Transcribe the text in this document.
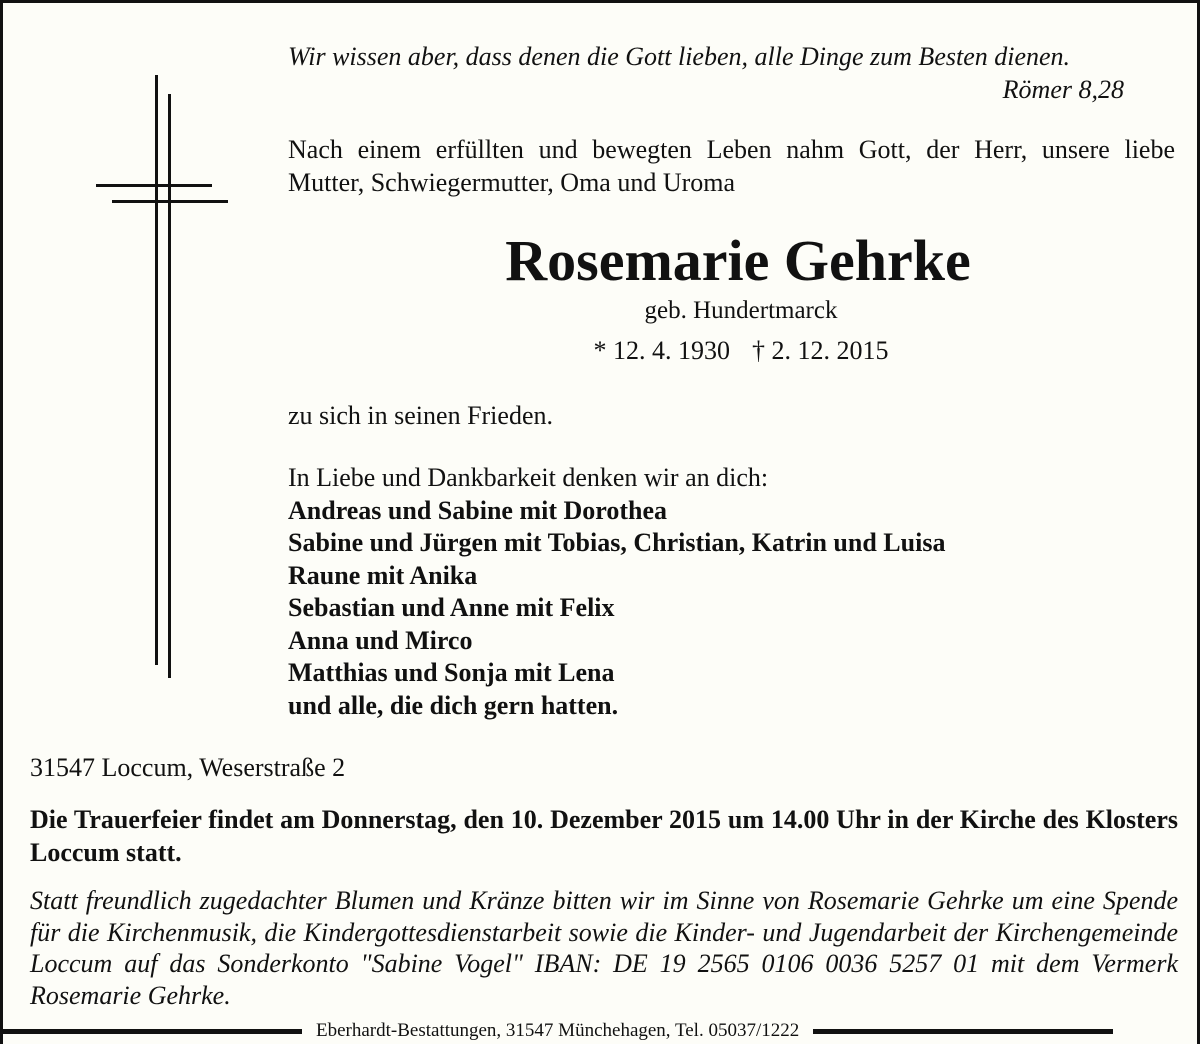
Wir wissen aber, dass denen die Gott lieben, alle Dinge zum Besten dienen.
Römer 8,28
Nach einem erfüllten und bewegten Leben nahm Gott, der Herr, unsere liebe
Mutter, Schwiegermutter, Oma und Uroma
Rosemarie Gehrke
geb. Hundertmarck
* 12. 4. 1930 † 2. 12. 2015
zu sich in seinen Frieden.
In Liebe und Dankbarkeit denken wir an dich:
Andreas und Sabine mit Dorothea
Sabine und Jürgen mit Tobias, Christian, Katrin und Luisa
Raune mit Anika
Sebastian und Anne mit Felix
Anna und Mirco
Matthias und Sonja mit Lena
und alle, die dich gern hatten.
31547 Loccum, Weserstraße 2
Die Trauerfeier findet am Donnerstag, den 10. Dezember 2015 um 14.00 Uhr in der Kirche des Klosters Loccum statt.
Statt freundlich zugedachter Blumen und Kränze bitten wir im Sinne von Rosemarie Gehrke um eine Spende für die Kirchenmusik, die Kindergottesdienstarbeit sowie die Kinder- und Jugendarbeit der Kirchengemeinde Loccum auf das Sonderkonto "Sabine Vogel" IBAN: DE 19 2565 0106 0036 5257 01 mit dem Vermerk Rosemarie Gehrke.
Eberhardt-Bestattungen, 31547 Münchehagen, Tel. 05037/1222
